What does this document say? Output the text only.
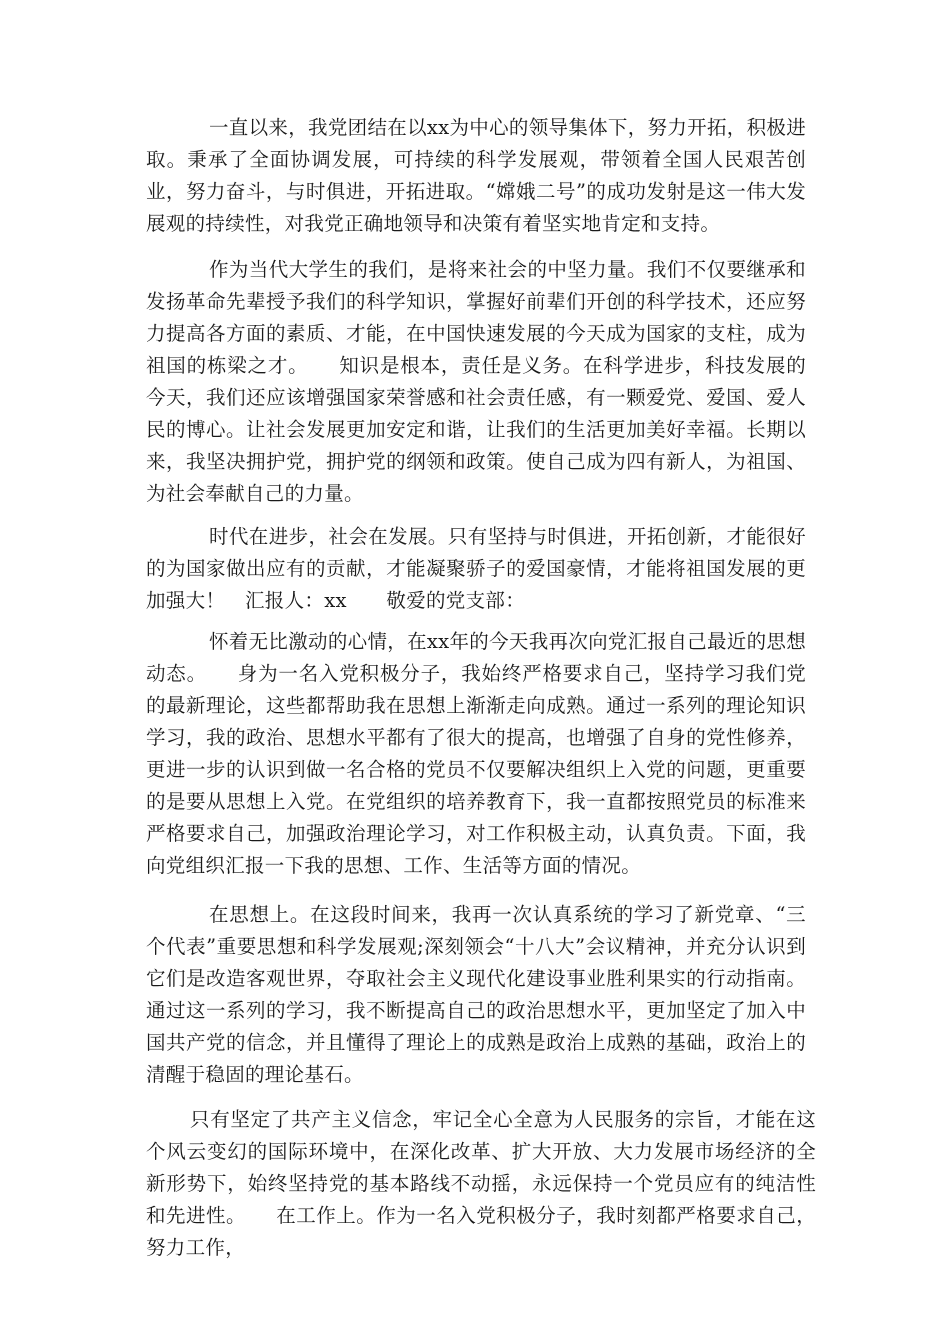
一直以来，我党团结在以xx为中心的领导集体下，努力开拓，积极进取。秉承了全面协调发展，可持续的科学发展观，带领着全国人民艰苦创业，努力奋斗，与时俱进，开拓进取。“嫦娥二号”的成功发射是这一伟大发展观的持续性，对我党正确地领导和决策有着坚实地肯定和支持。

作为当代大学生的我们，是将来社会的中坚力量。我们不仅要继承和发扬革命先辈授予我们的科学知识，掌握好前辈们开创的科学技术，还应努力提高各方面的素质、才能，在中国快速发展的今天成为国家的支柱，成为祖国的栋梁之才。　　知识是根本，责任是义务。在科学进步，科技发展的今天，我们还应该增强国家荣誉感和社会责任感，有一颗爱党、爱国、爱人民的博心。让社会发展更加安定和谐，让我们的生活更加美好幸福。长期以来，我坚决拥护党，拥护党的纲领和政策。使自己成为四有新人，为祖国、为社会奉献自己的力量。

时代在进步，社会在发展。只有坚持与时俱进，开拓创新，才能很好的为国家做出应有的贡献，才能凝聚骄子的爱国豪情，才能将祖国发展的更加强大！　汇报人：xx　　敬爱的党支部：

怀着无比激动的心情，在xx年的今天我再次向党汇报自己最近的思想动态。　　身为一名入党积极分子，我始终严格要求自己，坚持学习我们党的最新理论，这些都帮助我在思想上渐渐走向成熟。通过一系列的理论知识学习，我的政治、思想水平都有了很大的提高，也增强了自身的党性修养，更进一步的认识到做一名合格的党员不仅要解决组织上入党的问题，更重要的是要从思想上入党。在党组织的培养教育下，我一直都按照党员的标准来严格要求自己，加强政治理论学习，对工作积极主动，认真负责。下面，我向党组织汇报一下我的思想、工作、生活等方面的情况。

在思想上。在这段时间来，我再一次认真系统的学习了新党章、“三个代表”重要思想和科学发展观;深刻领会“十八大”会议精神，并充分认识到它们是改造客观世界，夺取社会主义现代化建设事业胜利果实的行动指南。通过这一系列的学习，我不断提高自己的政治思想水平，更加坚定了加入中国共产党的信念，并且懂得了理论上的成熟是政治上成熟的基础，政治上的清醒于稳固的理论基石。

只有坚定了共产主义信念，牢记全心全意为人民服务的宗旨，才能在这个风云变幻的国际环境中，在深化改革、扩大开放、大力发展市场经济的全新形势下，始终坚持党的基本路线不动摇，永远保持一个党员应有的纯洁性和先进性。　　在工作上。作为一名入党积极分子，我时刻都严格要求自己，努力工作，
